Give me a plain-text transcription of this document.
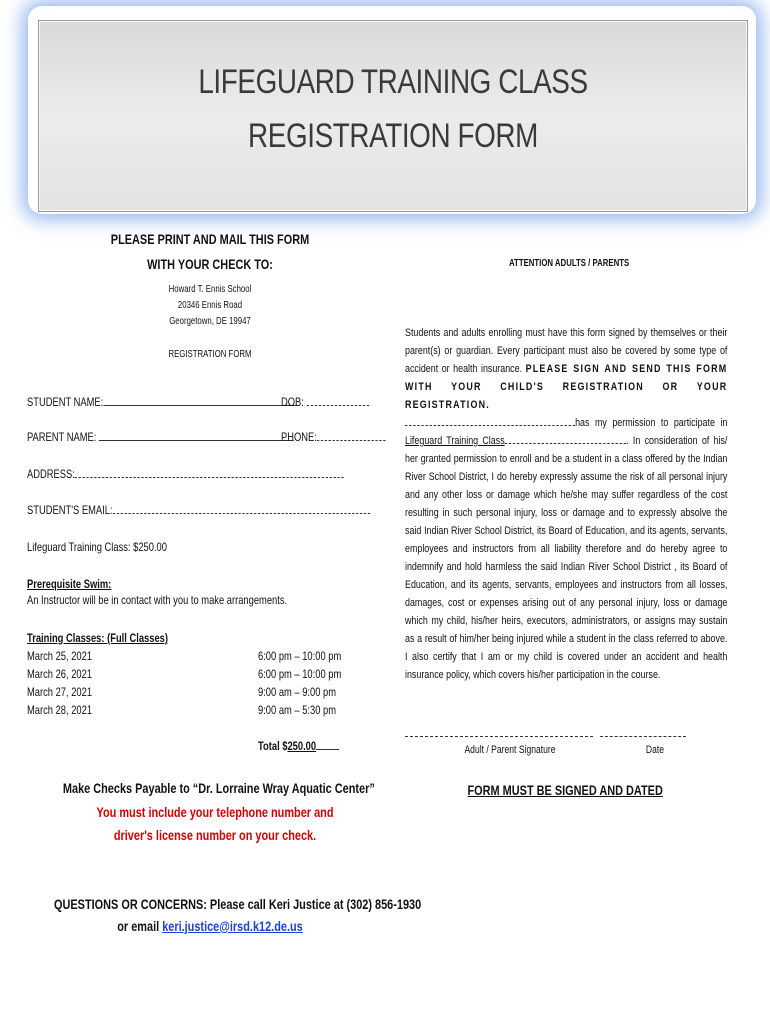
LIFEGUARD TRAINING CLASS
REGISTRATION FORM
PLEASE PRINT AND MAIL THIS FORM
WITH YOUR CHECK TO:
Howard T. Ennis School
20346 Ennis Road
Georgetown, DE 19947
REGISTRATION FORM
STUDENT NAME:	DOB:
PARENT NAME:	PHONE:
ADDRESS:
STUDENT'S EMAIL:
Lifeguard Training Class: $250.00
Prerequisite Swim:
An Instructor will be in contact with you to make arrangements.
Training Classes: (Full Classes)
March 25, 2021	6:00 pm – 10:00 pm
March 26, 2021	6:00 pm – 10:00 pm
March 27, 2021	9:00 am – 9:00 pm
March 28, 2021	9:00 am – 5:30 pm
Total $250.00
Make Checks Payable to “Dr. Lorraine Wray Aquatic Center”
You must include your telephone number and
driver's license number on your check.
QUESTIONS OR CONCERNS: Please call Keri Justice at (302) 856-1930
or email keri.justice@irsd.k12.de.us
ATTENTION ADULTS / PARENTS
Students and adults enrolling must have this form signed by themselves or their parent(s) or guardian. Every participant must also be covered by some type of accident or health insurance. PLEASE SIGN AND SEND THIS FORM WITH YOUR CHILD'S REGISTRATION OR YOUR REGISTRATION.
has my permission to participate in Lifeguard Training Class	. In consideration of his/ her granted permission to enroll and be a student in a class offered by the Indian River School District, I do hereby expressly assume the risk of all personal injury and any other loss or damage which he/she may suffer regardless of the cost resulting in such personal injury, loss or damage and to expressly absolve the said Indian River School District, its Board of Education, and its agents, servants, employees and instructors from all liability therefore and do hereby agree to indemnify and hold harmless the said Indian River School District , its Board of Education, and its agents, servants, employees and instructors from all losses, damages, cost or expenses arising out of any personal injury, loss or damage which my child, his/her heirs, executors, administrators, or assigns may sustain as a result of him/her being injured while a student in the class referred to above. I also certify that I am or my child is covered under an accident and health insurance policy, which covers his/her participation in the course.
Adult / Parent Signature	Date
FORM MUST BE SIGNED AND DATED
